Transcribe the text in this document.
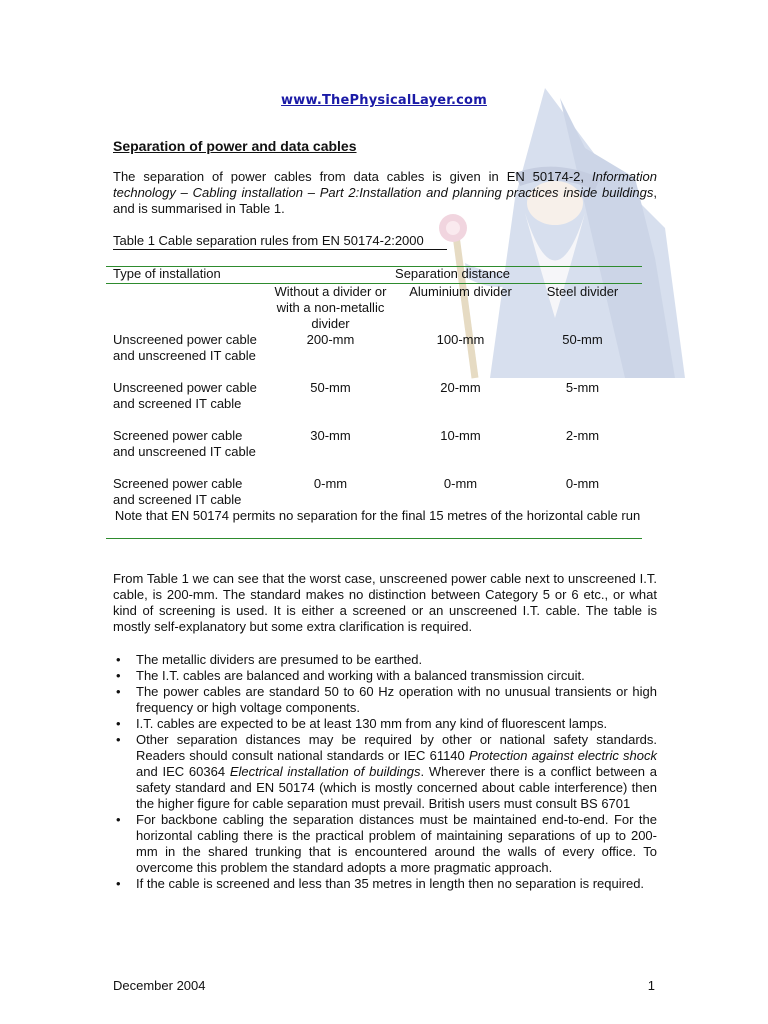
www.ThePhysicalLayer.com
Separation of power and data cables

The separation of power cables from data cables is given in EN 50174-2, Information technology – Cabling installation – Part 2:Installation and planning practices inside buildings, and is summarised in Table 1.

Table 1 Cable separation rules from EN 50174-2:2000
Type of installation	Separation distance		
	Without a divider or with a non-metallic divider	Aluminium divider	Steel divider
Unscreened power cable and unscreened IT cable	200-mm	100-mm	50-mm
Unscreened power cable and screened IT cable	50-mm	20-mm	5-mm
Screened power cable and unscreened IT cable	30-mm	10-mm	2-mm
Screened power cable and screened IT cable	0-mm	0-mm	0-mm
Note that EN 50174 permits no separation for the final 15 metres of the horizontal cable run			

From Table 1 we can see that the worst case, unscreened power cable next to unscreened I.T. cable, is 200-mm. The standard makes no distinction between Category 5 or 6 etc., or what kind of screening is used. It is either a screened or an unscreened I.T. cable. The table is mostly self-explanatory but some extra clarification is required.

• The metallic dividers are presumed to be earthed.
• The I.T. cables are balanced and working with a balanced transmission circuit.
• The power cables are standard 50 to 60 Hz operation with no unusual transients or high frequency or high voltage components.
• I.T. cables are expected to be at least 130 mm from any kind of fluorescent lamps.
• Other separation distances may be required by other or national safety standards. Readers should consult national standards or IEC 61140 Protection against electric shock and IEC 60364 Electrical installation of buildings. Wherever there is a conflict between a safety standard and EN 50174 (which is mostly concerned about cable interference) then the higher figure for cable separation must prevail. British users must consult BS 6701
• For backbone cabling the separation distances must be maintained end-to-end. For the horizontal cabling there is the practical problem of maintaining separations of up to 200-mm in the shared trunking that is encountered around the walls of every office. To overcome this problem the standard adopts a more pragmatic approach.
• If the cable is screened and less than 35 metres in length then no separation is required.
December 2004	1
